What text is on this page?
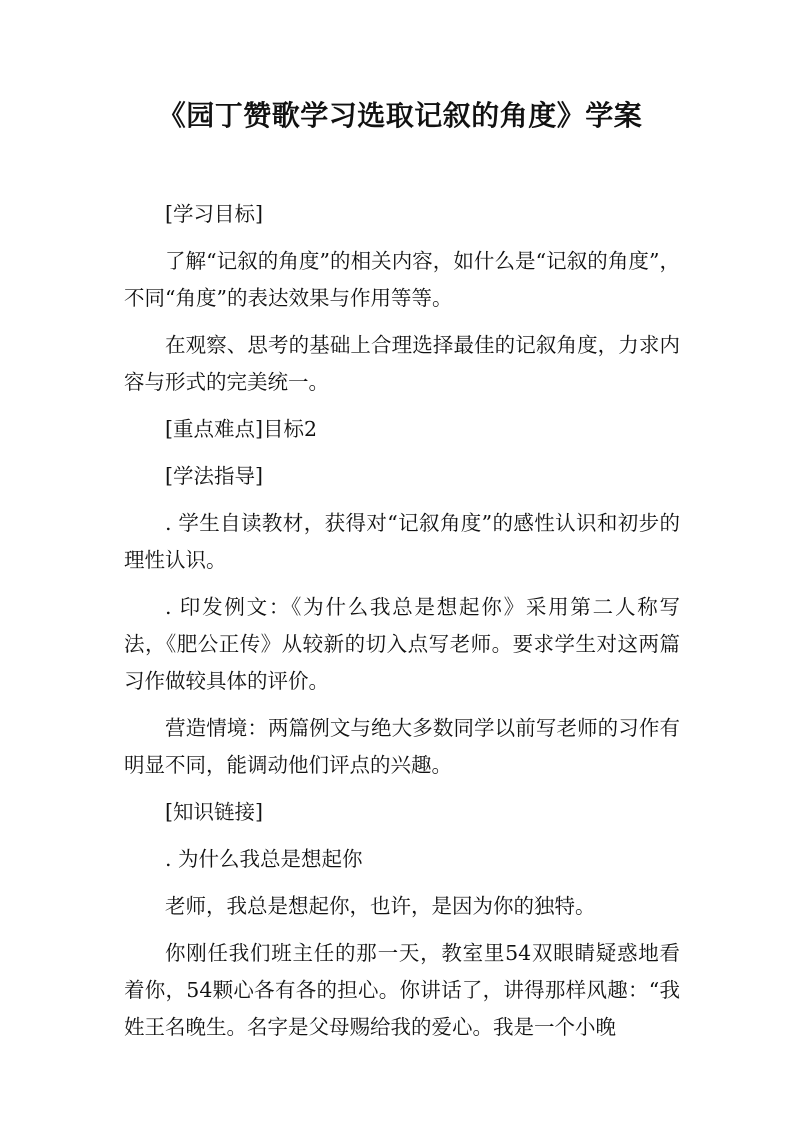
《园丁赞歌学习选取记叙的角度》学案

[学习目标]

了解“记叙的角度”的相关内容，如什么是“记叙的角度”，不同“角度”的表达效果与作用等等。

在观察、思考的基础上合理选择最佳的记叙角度，力求内容与形式的完美统一。

[重点难点]目标2

[学法指导]

. 学生自读教材，获得对“记叙角度”的感性认识和初步的理性认识。

. 印发例文：《为什么我总是想起你》采用第二人称写法，《肥公正传》从较新的切入点写老师。要求学生对这两篇习作做较具体的评价。

营造情境：两篇例文与绝大多数同学以前写老师的习作有明显不同，能调动他们评点的兴趣。

[知识链接]

. 为什么我总是想起你

老师，我总是想起你，也许，是因为你的独特。

你刚任我们班主任的那一天，教室里54双眼睛疑惑地看着你，54颗心各有各的担心。你讲话了，讲得那样风趣：“我姓王名晚生。名字是父母赐给我的爱心。我是一个小晚
